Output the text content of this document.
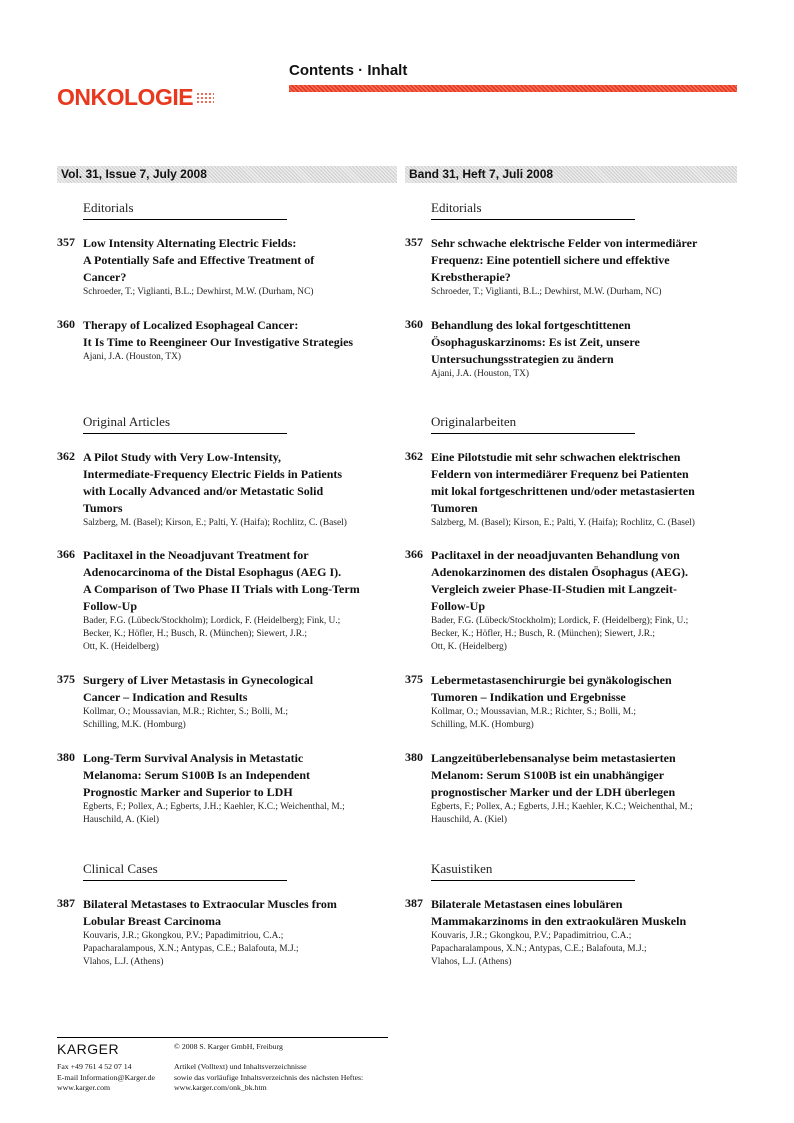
ONKOLOGIE
Contents · Inhalt
Vol. 31, Issue 7, July 2008	Band 31, Heft 7, Juli 2008
Editorials
357 Low Intensity Alternating Electric Fields:
A Potentially Safe and Effective Treatment of
Cancer?
Schroeder, T.; Viglianti, B.L.; Dewhirst, M.W. (Durham, NC)
360 Therapy of Localized Esophageal Cancer:
It Is Time to Reengineer Our Investigative Strategies
Ajani, J.A. (Houston, TX)
Original Articles
362 A Pilot Study with Very Low-Intensity,
Intermediate-Frequency Electric Fields in Patients
with Locally Advanced and/or Metastatic Solid
Tumors
Salzberg, M. (Basel); Kirson, E.; Palti, Y. (Haifa); Rochlitz, C. (Basel)
366 Paclitaxel in the Neoadjuvant Treatment for
Adenocarcinoma of the Distal Esophagus (AEG I).
A Comparison of Two Phase II Trials with Long-Term
Follow-Up
Bader, F.G. (Lübeck/Stockholm); Lordick, F. (Heidelberg); Fink, U.;
Becker, K.; Höfler, H.; Busch, R. (München); Siewert, J.R.;
Ott, K. (Heidelberg)
375 Surgery of Liver Metastasis in Gynecological
Cancer – Indication and Results
Kollmar, O.; Moussavian, M.R.; Richter, S.; Bolli, M.;
Schilling, M.K. (Homburg)
380 Long-Term Survival Analysis in Metastatic
Melanoma: Serum S100B Is an Independent
Prognostic Marker and Superior to LDH
Egberts, F.; Pollex, A.; Egberts, J.H.; Kaehler, K.C.; Weichenthal, M.;
Hauschild, A. (Kiel)
Clinical Cases
387 Bilateral Metastases to Extraocular Muscles from
Lobular Breast Carcinoma
Kouvaris, J.R.; Gkongkou, P.V.; Papadimitriou, C.A.;
Papacharalampous, X.N.; Antypas, C.E.; Balafouta, M.J.;
Vlahos, L.J. (Athens)
Editorials
357 Sehr schwache elektrische Felder von intermediärer
Frequenz: Eine potentiell sichere und effektive
Krebstherapie?
Schroeder, T.; Viglianti, B.L.; Dewhirst, M.W. (Durham, NC)
360 Behandlung des lokal fortgeschtittenen
Ösophaguskarzinoms: Es ist Zeit, unsere
Untersuchungsstrategien zu ändern
Ajani, J.A. (Houston, TX)
Originalarbeiten
362 Eine Pilotstudie mit sehr schwachen elektrischen
Feldern von intermediärer Frequenz bei Patienten
mit lokal fortgeschrittenen und/oder metastasierten
Tumoren
Salzberg, M. (Basel); Kirson, E.; Palti, Y. (Haifa); Rochlitz, C. (Basel)
366 Paclitaxel in der neoadjuvanten Behandlung von
Adenokarzinomen des distalen Ösophagus (AEG).
Vergleich zweier Phase-II-Studien mit Langzeit-
Follow-Up
Bader, F.G. (Lübeck/Stockholm); Lordick, F. (Heidelberg); Fink, U.;
Becker, K.; Höfler, H.; Busch, R. (München); Siewert, J.R.;
Ott, K. (Heidelberg)
375 Lebermetastasenchirurgie bei gynäkologischen
Tumoren – Indikation und Ergebnisse
Kollmar, O.; Moussavian, M.R.; Richter, S.; Bolli, M.;
Schilling, M.K. (Homburg)
380 Langzeitüberlebensanalyse beim metastasierten
Melanom: Serum S100B ist ein unabhängiger
prognostischer Marker und der LDH überlegen
Egberts, F.; Pollex, A.; Egberts, J.H.; Kaehler, K.C.; Weichenthal, M.;
Hauschild, A. (Kiel)
Kasuistiken
387 Bilaterale Metastasen eines lobulären
Mammakarzinoms in den extraokulären Muskeln
Kouvaris, J.R.; Gkongkou, P.V.; Papadimitriou, C.A.;
Papacharalampous, X.N.; Antypas, C.E.; Balafouta, M.J.;
Vlahos, L.J. (Athens)
KARGER
Fax +49 761 4 52 07 14
E-mail Information@Karger.de
www.karger.com
© 2008 S. Karger GmbH, Freiburg
Artikel (Volltext) und Inhaltsverzeichnisse
sowie das vorläufige Inhaltsverzeichnis des nächsten Heftes:
www.karger.com/onk_bk.htm
